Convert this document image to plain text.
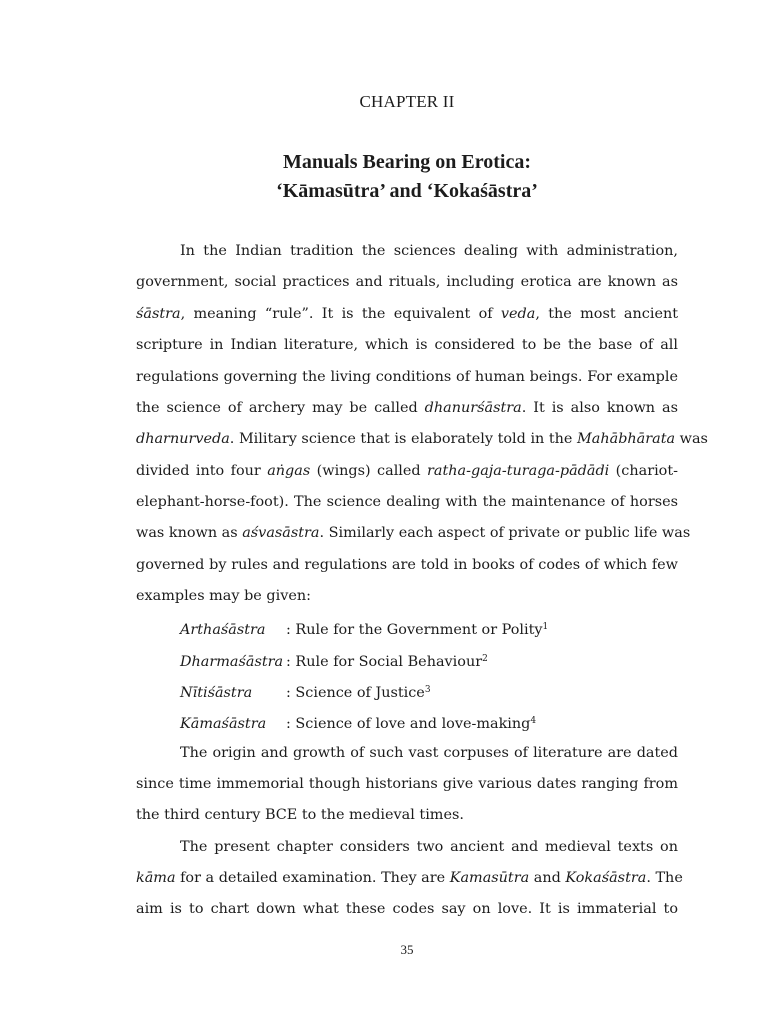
CHAPTER II
Manuals Bearing on Erotica:
‘Kāmasūtra’ and ‘Kokaśāstra’
In the Indian tradition the sciences dealing with administration,
government, social practices and rituals, including erotica are known as
śāstra, meaning “rule”. It is the equivalent of veda, the most ancient
scripture in Indian literature, which is considered to be the base of all
regulations governing the living conditions of human beings. For example
the science of archery may be called dhanurśāstra. It is also known as
dharnurveda. Military science that is elaborately told in the Mahābhārata was
divided into four aṅgas (wings) called ratha-gaja-turaga-pādādi (chariot-
elephant-horse-foot). The science dealing with the maintenance of horses
was known as aśvasāstra. Similarly each aspect of private or public life was
governed by rules and regulations are told in books of codes of which few
examples may be given:
Arthaśāstra : Rule for the Government or Polity$^1$
Dharmaśāstra : Rule for Social Behaviour$^2$
Nītiśāstra : Science of Justice$^3$
Kāmaśāstra : Science of love and love-making$^4$
The origin and growth of such vast corpuses of literature are dated
since time immemorial though historians give various dates ranging from
the third century BCE to the medieval times.
The present chapter considers two ancient and medieval texts on
kāma for a detailed examination. They are Kamasūtra and Kokaśāstra. The
aim is to chart down what these codes say on love. It is immaterial to
35
